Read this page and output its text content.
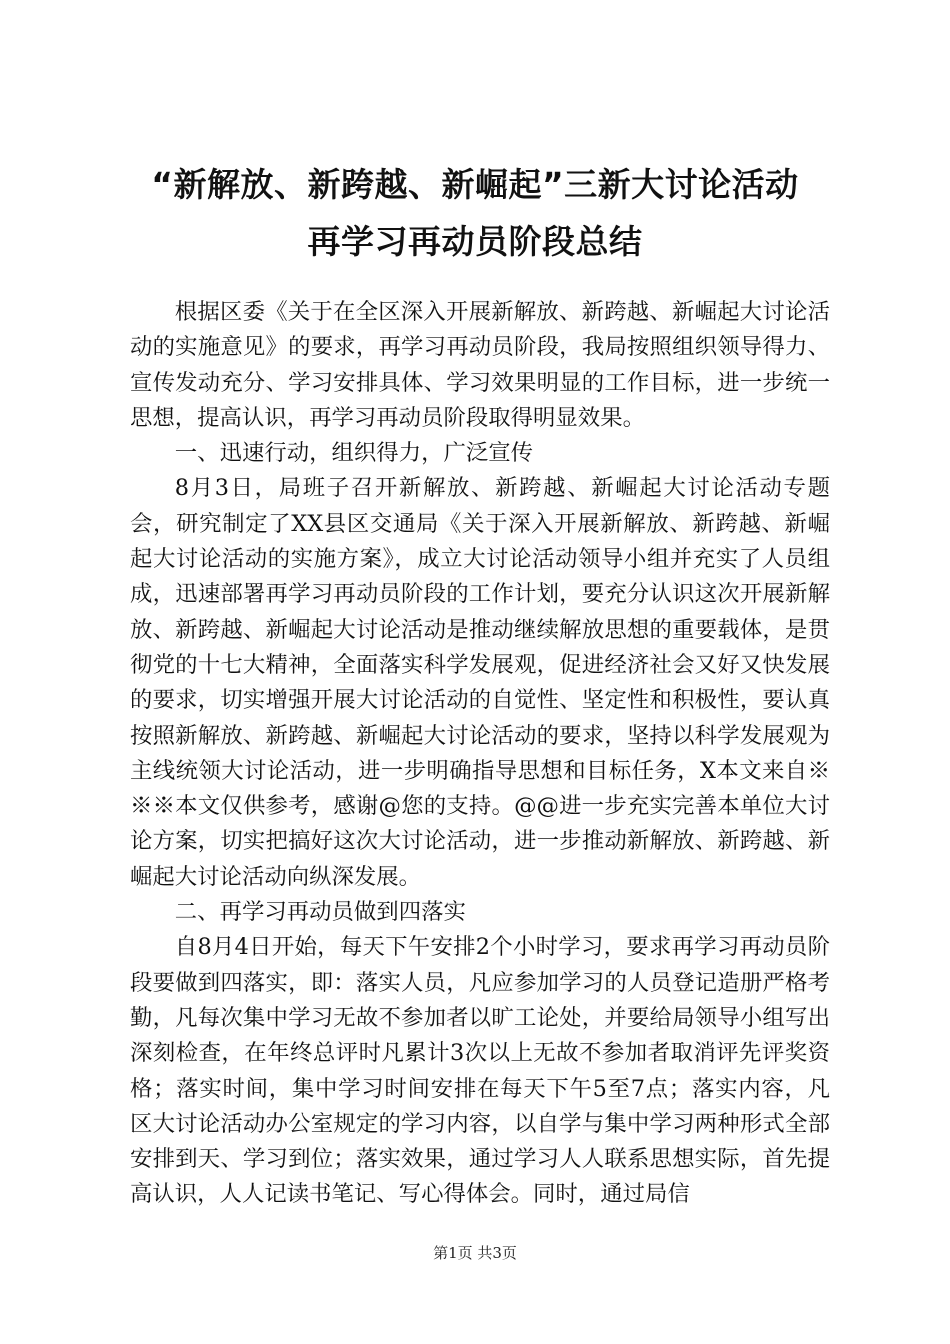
“新解放、新跨越、新崛起”三新大讨论活动
再学习再动员阶段总结

根据区委《关于在全区深入开展新解放、新跨越、新崛起大讨论活动的实施意见》的要求，再学习再动员阶段，我局按照组织领导得力、宣传发动充分、学习安排具体、学习效果明显的工作目标，进一步统一思想，提高认识，再学习再动员阶段取得明显效果。

一、迅速行动，组织得力，广泛宣传

8月3日，局班子召开新解放、新跨越、新崛起大讨论活动专题会，研究制定了XX县区交通局《关于深入开展新解放、新跨越、新崛起大讨论活动的实施方案》，成立大讨论活动领导小组并充实了人员组成，迅速部署再学习再动员阶段的工作计划，要充分认识这次开展新解放、新跨越、新崛起大讨论活动是推动继续解放思想的重要载体，是贯彻党的十七大精神，全面落实科学发展观，促进经济社会又好又快发展的要求，切实增强开展大讨论活动的自觉性、坚定性和积极性，要认真按照新解放、新跨越、新崛起大讨论活动的要求，坚持以科学发展观为主线统领大讨论活动，进一步明确指导思想和目标任务，X本文来自※※※本文仅供参考，感谢@您的支持。@@进一步充实完善本单位大讨论方案，切实把搞好这次大讨论活动，进一步推动新解放、新跨越、新崛起大讨论活动向纵深发展。

二、再学习再动员做到四落实

自8月4日开始，每天下午安排2个小时学习，要求再学习再动员阶段要做到四落实，即：落实人员，凡应参加学习的人员登记造册严格考勤，凡每次集中学习无故不参加者以旷工论处，并要给局领导小组写出深刻检查，在年终总评时凡累计3次以上无故不参加者取消评先评奖资格；落实时间，集中学习时间安排在每天下午5至7点；落实内容，凡区大讨论活动办公室规定的学习内容，以自学与集中学习两种形式全部安排到天、学习到位；落实效果，通过学习人人联系思想实际，首先提高认识，人人记读书笔记、写心得体会。同时，通过局信

第1页 共3页
